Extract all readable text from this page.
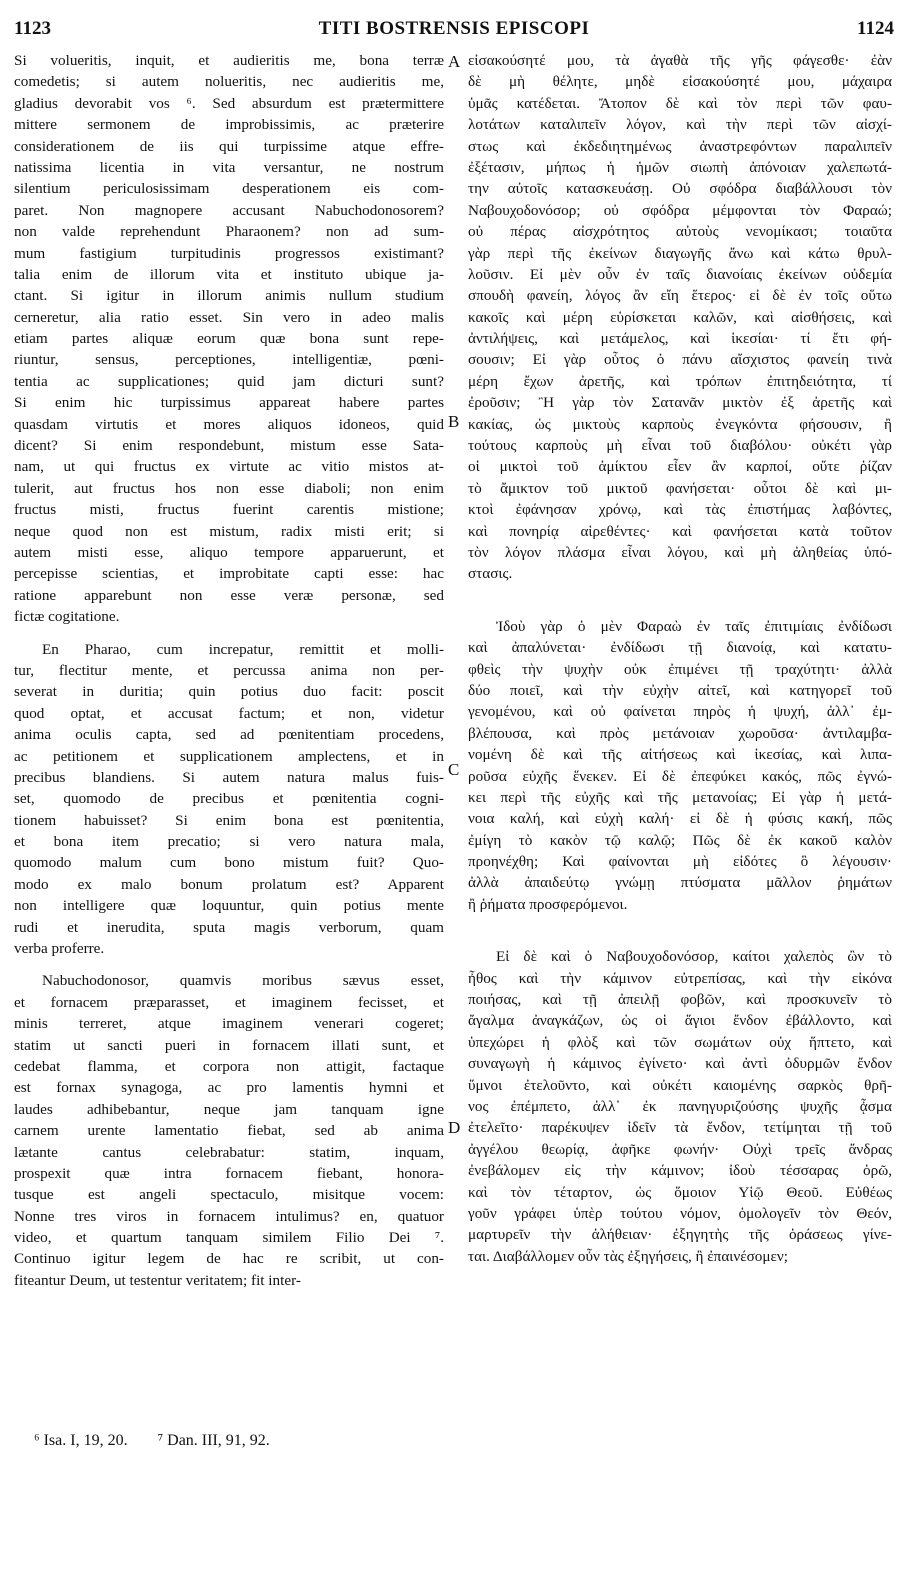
1123	TITI BOSTRENSIS EPISCOPI	1124
A
B
C
D
Si volueritis, inquit, et audieritis me, bona terræ
comedetis; si autem nolueritis, nec audieritis me,
gladius devorabit vos ⁶. Sed absurdum est prætermittere
mittere sermonem de improbissimis, ac præterire
considerationem de iis qui turpissime atque effre-
natissima licentia in vita versantur, ne nostrum
silentium periculosissimam desperationem eis com-
paret. Non magnopere accusant Nabuchodonosorem?
non valde reprehendunt Pharaonem? non ad sum-
mum fastigium turpitudinis progressos existimant?
talia enim de illorum vita et instituto ubique ja-
ctant. Si igitur in illorum animis nullum studium
cerneretur, alia ratio esset. Sin vero in adeo malis
etiam partes aliquæ eorum quæ bona sunt repe-
riuntur, sensus, perceptiones, intelligentiæ, pœni-
tentia ac supplicationes; quid jam dicturi sunt?
Si enim hic turpissimus appareat habere partes
quasdam virtutis et mores aliquos idoneos, quid
dicent? Si enim respondebunt, mistum esse Sata-
nam, ut qui fructus ex virtute ac vitio mistos at-
tulerit, aut fructus hos non esse diaboli; non enim
fructus misti, fructus fuerint carentis mistione;
neque quod non est mistum, radix misti erit; si
autem misti esse, aliquo tempore apparuerunt, et
percepisse scientias, et improbitate capti esse: hac
ratione apparebunt non esse veræ personæ, sed
fictæ cogitatione.
En Pharao, cum increpatur, remittit et molli-
tur, flectitur mente, et percussa anima non per-
severat in duritia; quin potius duo facit: poscit
quod optat, et accusat factum; et non, videtur
anima oculis capta, sed ad pœnitentiam procedens,
ac petitionem et supplicationem amplectens, et in
precibus blandiens. Si autem natura malus fuis-
set, quomodo de precibus et pœnitentia cogni-
tionem habuisset? Si enim bona est pœnitentia,
et bona item precatio; si vero natura mala,
quomodo malum cum bono mistum fuit? Quo-
modo ex malo bonum prolatum est? Apparent
non intelligere quæ loquuntur, quin potius mente
rudi et inerudita, sputa magis verborum, quam
verba proferre.
Nabuchodonosor, quamvis moribus sævus esset,
et fornacem præparasset, et imaginem fecisset, et
minis terreret, atque imaginem venerari cogeret;
statim ut sancti pueri in fornacem illati sunt, et
cedebat flamma, et corpora non attigit, factaque
est fornax synagoga, ac pro lamentis hymni et
laudes adhibebantur, neque jam tanquam igne
carnem urente lamentatio fiebat, sed ab anima
lætante cantus celebrabatur: statim, inquam,
prospexit quæ intra fornacem fiebant, honora-
tusque est angeli spectaculo, misitque vocem:
Nonne tres viros in fornacem intulimus? en, quatuor
video, et quartum tanquam similem Filio Dei ⁷.
Continuo igitur legem de hac re scribit, ut con-
fiteantur Deum, ut testentur veritatem; fit inter-
εἰσακούσητέ μου, τὰ ἀγαθὰ τῆς γῆς φάγεσθε· ἐὰν
δὲ μὴ θέλητε, μηδὲ εἰσακούσητέ μου, μάχαιρα
ὑμᾶς κατέδεται. Ἄτοπον δὲ καὶ τὸν περὶ τῶν φαυ-
λοτάτων καταλιπεῖν λόγον, καὶ τὴν περὶ τῶν αἰσχί-
στως καὶ ἐκδεδιητημένως ἀναστρεφόντων παραλιπεῖν
ἐξέτασιν, μήπως ἡ ἡμῶν σιωπὴ ἀπόνοιαν χαλεπωτά-
την αὐτοῖς κατασκευάσῃ. Οὐ σφόδρα διαβάλλουσι τὸν
Ναβουχοδονόσορ; οὐ σφόδρα μέμφονται τὸν Φαραώ;
οὐ πέρας αἰσχρότητος αὐτοὺς νενομίκασι; τοιαῦτα
γὰρ περὶ τῆς ἐκείνων διαγωγῆς ἄνω καὶ κάτω θρυλ-
λοῦσιν. Εἰ μὲν οὖν ἐν ταῖς διανοίαις ἐκείνων οὐδεμία
σπουδὴ φανείη, λόγος ἂν εἴη ἕτερος· εἰ δὲ ἐν τοῖς οὕτω
κακοῖς καὶ μέρη εὑρίσκεται καλῶν, καὶ αἰσθήσεις, καὶ
ἀντιλήψεις, καὶ μετάμελος, καὶ ἱκεσίαι· τί ἔτι φή-
σουσιν; Εἰ γὰρ οὗτος ὁ πάνυ αἴσχιστος φανείη τινὰ
μέρη ἔχων ἀρετῆς, καὶ τρόπων ἐπιτηδειότητα, τί
ἐροῦσιν; Ἢ γὰρ τὸν Σατανᾶν μικτὸν ἐξ ἀρετῆς καὶ
κακίας, ὡς μικτοὺς καρποὺς ἐνεγκόντα φήσουσιν, ἢ
τούτους καρποὺς μὴ εἶναι τοῦ διαβόλου· οὐκέτι γὰρ
οἱ μικτοὶ τοῦ ἀμίκτου εἶεν ἂν καρποί, οὔτε ῥίζαν
τὸ ἄμικτον τοῦ μικτοῦ φανήσεται· οὗτοι δὲ καὶ μι-
κτοὶ ἐφάνησαν χρόνῳ, καὶ τὰς ἐπιστήμας λαβόντες,
καὶ πονηρίᾳ αἱρεθέντες· καὶ φανήσεται κατὰ τοῦτον
τὸν λόγον πλάσμα εἶναι λόγου, καὶ μὴ ἀληθείας ὑπό-
στασις.
Ἰδοὺ γὰρ ὁ μὲν Φαραὼ ἐν ταῖς ἐπιτιμίαις ἐνδίδωσι
καὶ ἀπαλύνεται· ἐνδίδωσι τῇ διανοίᾳ, καὶ κατατυ-
φθεὶς τὴν ψυχὴν οὐκ ἐπιμένει τῇ τραχύτητι· ἀλλὰ
δύο ποιεῖ, καὶ τὴν εὐχὴν αἰτεῖ, καὶ κατηγορεῖ τοῦ
γενομένου, καὶ οὐ φαίνεται πηρὸς ἡ ψυχή, ἀλλ᾽ ἐμ-
βλέπουσα, καὶ πρὸς μετάνοιαν χωροῦσα· ἀντιλαμβα-
νομένη δὲ καὶ τῆς αἰτήσεως καὶ ἱκεσίας, καὶ λιπα-
ροῦσα εὐχῆς ἕνεκεν. Εἰ δὲ ἐπεφύκει κακός, πῶς ἐγνώ-
κει περὶ τῆς εὐχῆς καὶ τῆς μετανοίας; Εἰ γὰρ ἡ μετά-
νοια καλή, καὶ εὐχὴ καλή· εἰ δὲ ἡ φύσις κακή, πῶς
ἐμίγη τὸ κακὸν τῷ καλῷ; Πῶς δὲ ἐκ κακοῦ καλὸν
προηνέχθη; Καὶ φαίνονται μὴ εἰδότες ὃ λέγουσιν·
ἀλλὰ ἀπαιδεύτῳ γνώμῃ πτύσματα μᾶλλον ῥημάτων
ἢ ῥήματα προσφερόμενοι.
Εἰ δὲ καὶ ὁ Ναβουχοδονόσορ, καίτοι χαλεπὸς ὢν τὸ
ἦθος καὶ τὴν κάμινον εὐτρεπίσας, καὶ τὴν εἰκόνα
ποιήσας, καὶ τῇ ἀπειλῇ φοβῶν, καὶ προσκυνεῖν τὸ
ἄγαλμα ἀναγκάζων, ὡς οἱ ἅγιοι ἔνδον ἐβάλλοντο, καὶ
ὑπεχώρει ἡ φλὸξ καὶ τῶν σωμάτων οὐχ ἥπτετο, καὶ
συναγωγὴ ἡ κάμινος ἐγίνετο· καὶ ἀντὶ ὀδυρμῶν ἔνδον
ὕμνοι ἐτελοῦντο, καὶ οὐκέτι καιομένης σαρκὸς θρῆ-
νος ἐπέμπετο, ἀλλ᾽ ἐκ πανηγυριζούσης ψυχῆς ᾆσμα
ἐτελεῖτο· παρέκυψεν ἰδεῖν τὰ ἔνδον, τετίμηται τῇ τοῦ
ἀγγέλου θεωρίᾳ, ἀφῆκε φωνήν· Οὐχὶ τρεῖς ἄνδρας
ἐνεβάλομεν εἰς τὴν κάμινον; ἰδοὺ τέσσαρας ὁρῶ,
καὶ τὸν τέταρτον, ὡς ὅμοιον Υἱῷ Θεοῦ. Εὐθέως
γοῦν γράφει ὑπὲρ τούτου νόμον, ὁμολογεῖν τὸν Θεόν,
μαρτυρεῖν τὴν ἀλήθειαν· ἐξηγητὴς τῆς ὁράσεως γίνε-
ται. Διαβάλλομεν οὖν τὰς ἐξηγήσεις, ἢ ἐπαινέσομεν;
⁶ Isa. I, 19, 20. ⁷ Dan. III, 91, 92.
